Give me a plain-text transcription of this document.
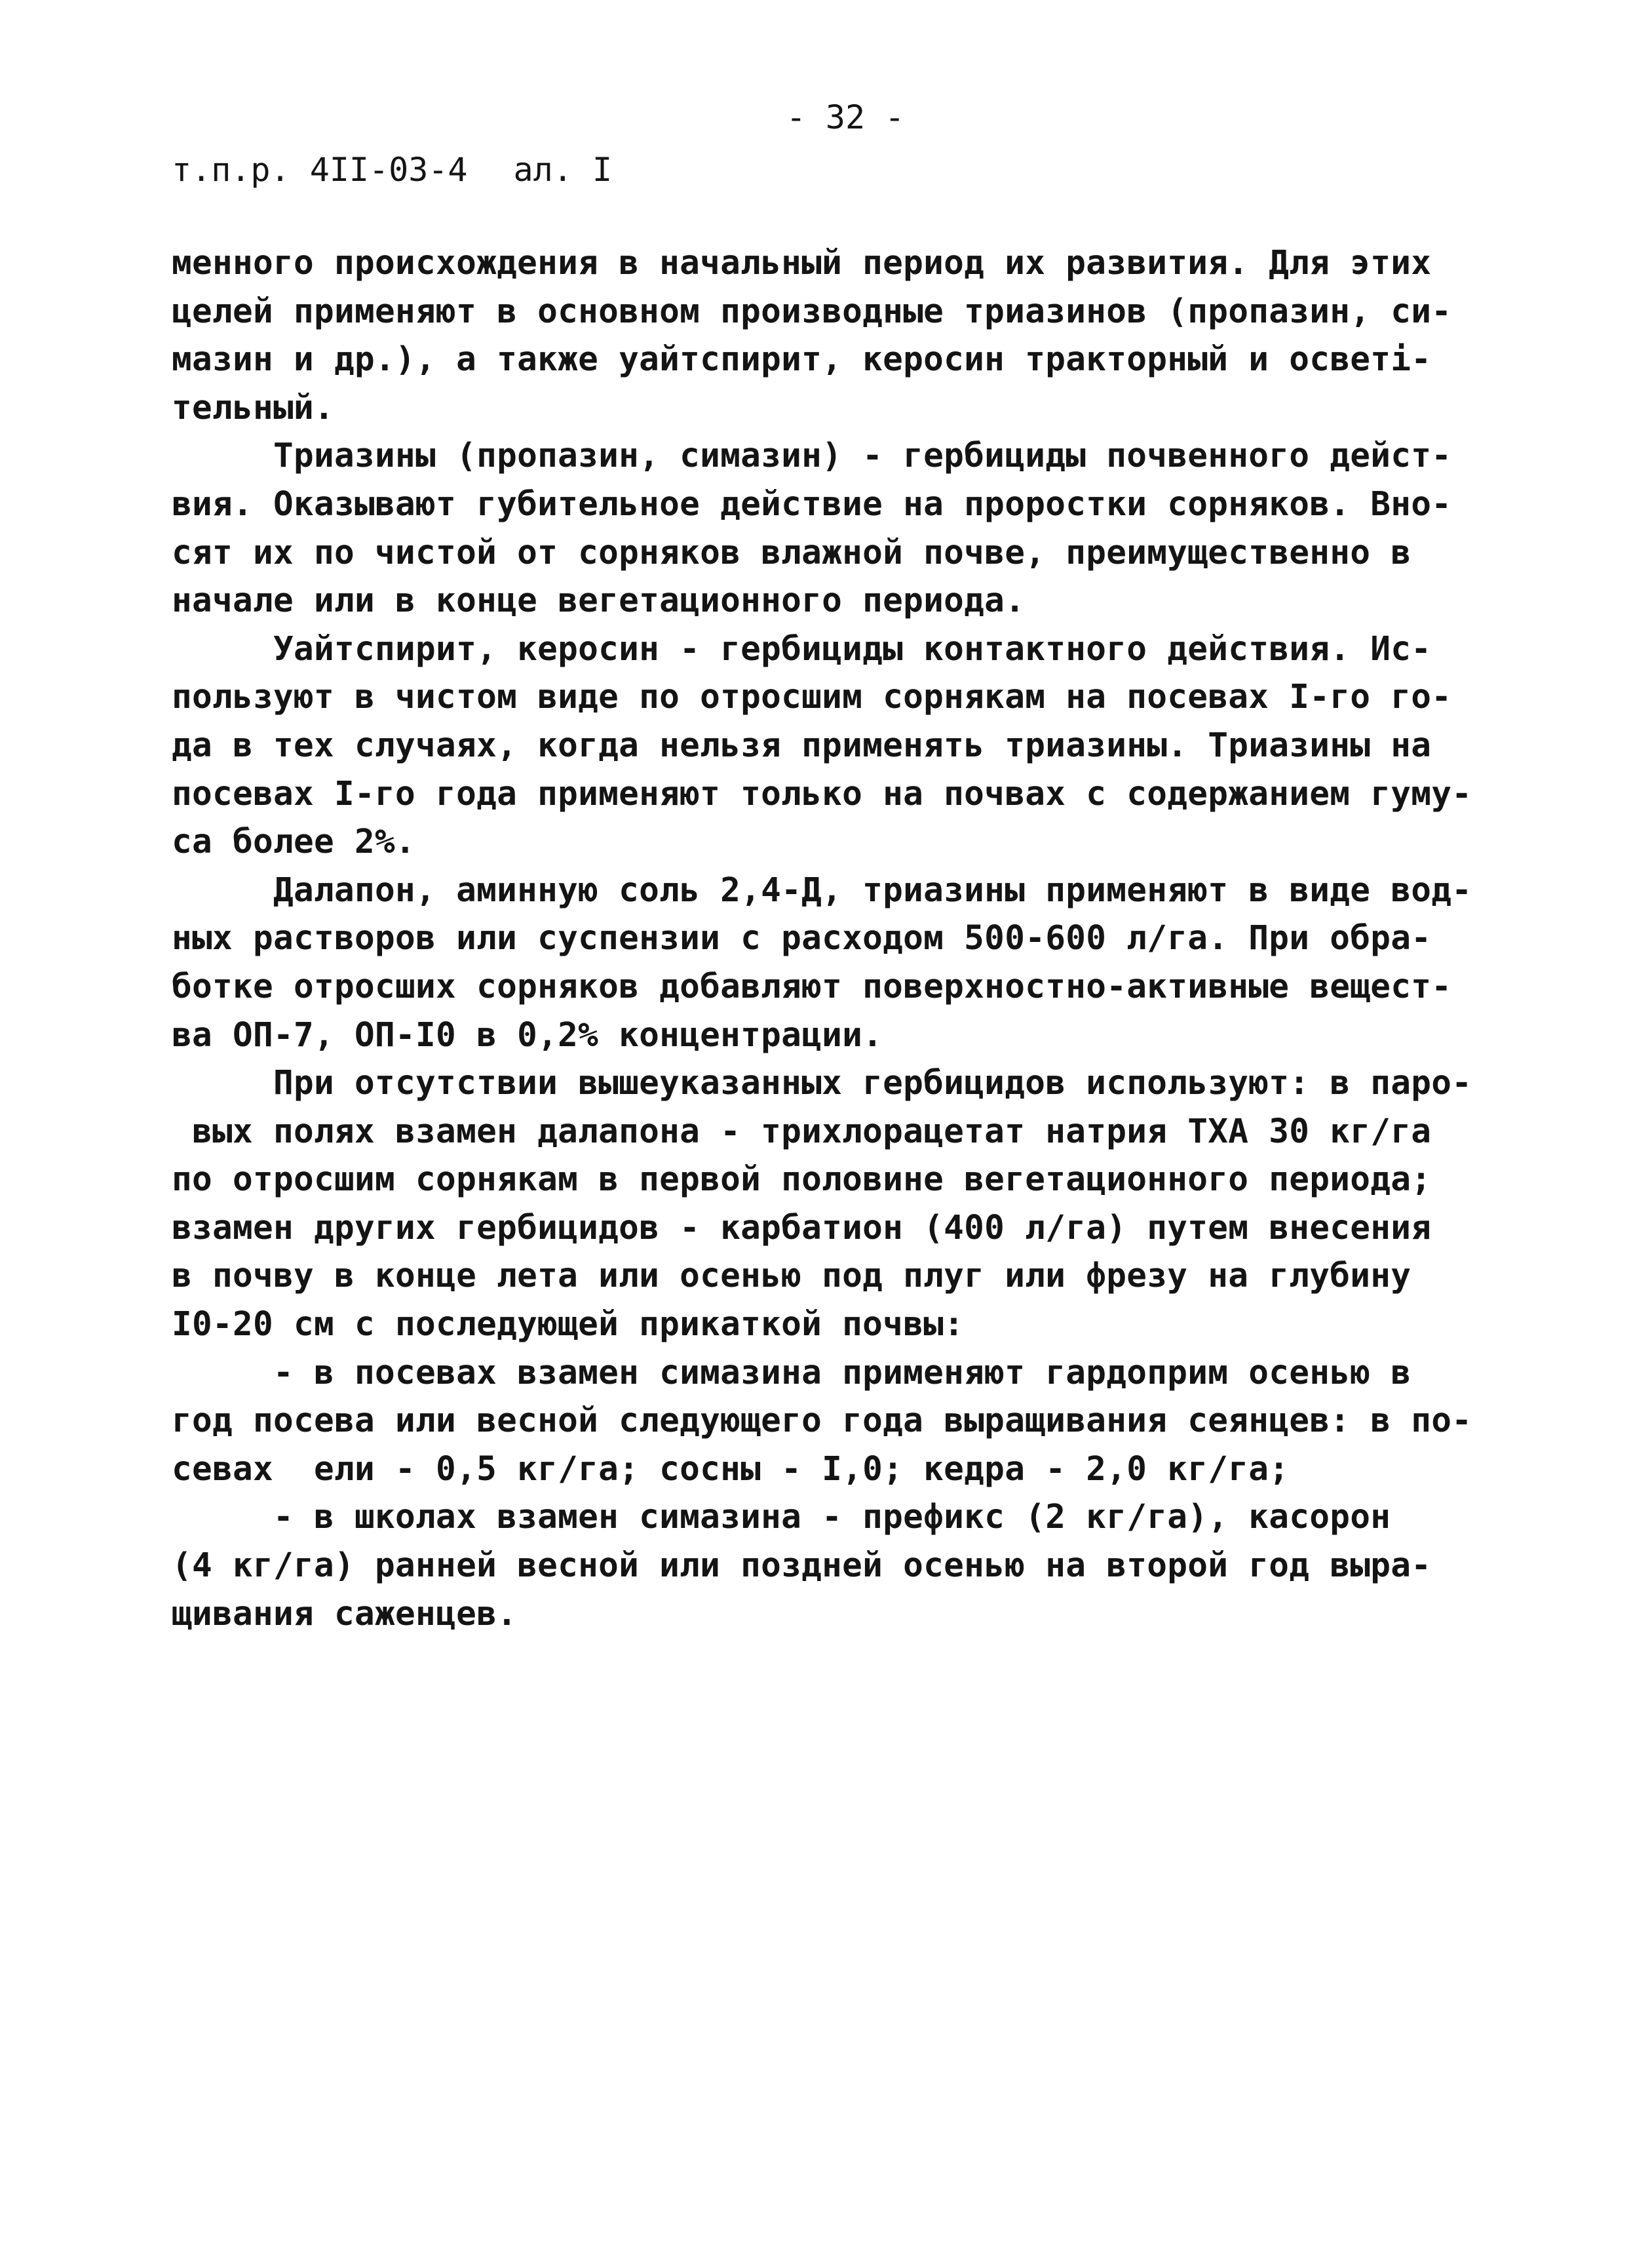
- 32 -
т.п.р. 4II-03-4 ал. I
менного происхождения в начальный период их развития. Для этих
целей применяют в основном производные триазинов (пропазин, си-
мазин и др.), а также уайтспирит, керосин тракторный и осветі-
тельный.
Триазины (пропазин, симазин) - гербициды почвенного дейст-
вия. Оказывают губительное действие на проростки сорняков. Вно-
сят их по чистой от сорняков влажной почве, преимущественно в
начале или в конце вегетационного периода.
Уайтспирит, керосин - гербициды контактного действия. Ис-
пользуют в чистом виде по отросшим сорнякам на посевах I-го го-
да в тех случаях, когда нельзя применять триазины. Триазины на
посевах I-го года применяют только на почвах с содержанием гуму-
са более 2%.
Далапон, аминную соль 2,4-Д, триазины применяют в виде вод-
ных растворов или суспензии с расходом 500-600 л/га. При обра-
ботке отросших сорняков добавляют поверхностно-активные вещест-
ва ОП-7, ОП-I0 в 0,2% концентрации.
При отсутствии вышеуказанных гербицидов используют: в паро-
вых полях взамен далапона - трихлорацетат натрия ТХА 30 кг/га
по отросшим сорнякам в первой половине вегетационного периода;
взамен других гербицидов - карбатион (400 л/га) путем внесения
в почву в конце лета или осенью под плуг или фрезу на глубину
I0-20 см с последующей прикаткой почвы:
- в посевах взамен симазина применяют гардоприм осенью в
год посева или весной следующего года выращивания сеянцев: в по-
севах  ели - 0,5 кг/га; сосны - I,0; кедра - 2,0 кг/га;
- в школах взамен симазина - префикс (2 кг/га), касорон
(4 кг/га) ранней весной или поздней осенью на второй год выра-
щивания саженцев.
